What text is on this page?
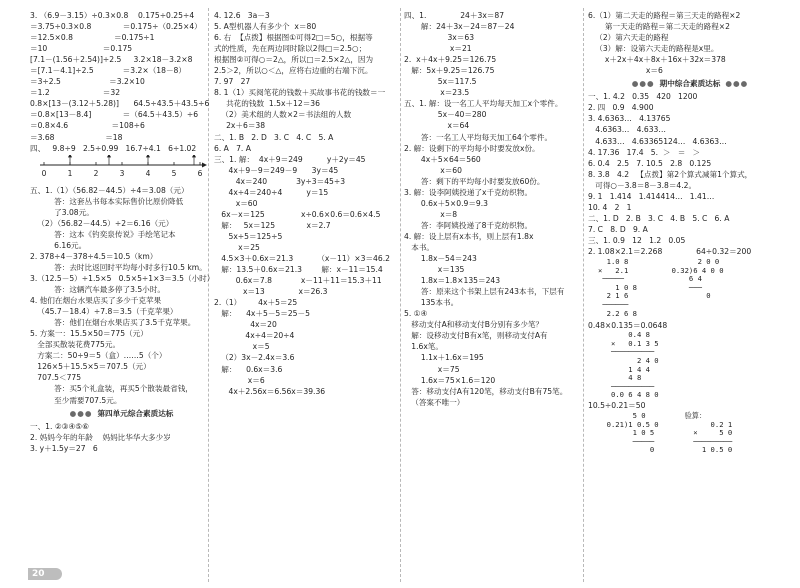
3. （6.9－3.15）÷0.3×0.8    0.175÷0.25÷4
＝3.75÷0.3×0.8             ＝0.175÷（0.25×4）
＝12.5×0.8                 ＝0.175÷1
＝10                       ＝0.175
[7.1－(1.56＋2.54)]÷2.5     3.2×18－3.2×8
＝[7.1－4.1]÷2.5            ＝3.2×（18－8）
＝3÷2.5                    ＝3.2×10
＝1.2                      ＝32
0.8×[13－(3.12＋5.28)]      64.5÷43.5＋43.5÷6
＝0.8×[13－8.4]             ＝（64.5＋43.5）÷6
＝0.8×4.6                  ＝108÷6
＝3.68                     ＝18
四、   9.8÷9   2.5÷0.99   16.7÷4.1   6÷1.02
0	1	2	3	4	5	6
五、1.（1）（56.82－44.5）÷4＝3.08（元）
答：这套丛书每本实际售价比原价降低
了3.08元。
（2）（56.82－44.5）÷2＝6.16（元）
答：这本《钓奕泉传说》手绘笔记本
6.16元。
2. 378÷4－378÷4.5＝10.5（km）
答：去时比返回时平均每小时多行10.5 km。
3.（12.5－5）÷1.5×5   0.5×5÷1×3＝3.5（小时）
答：这辆汽车最多停了3.5小时。
4. 他们在烟台水果店买了多少千克苹果
（45.7－18.4）÷7.8＝3.5（千克苹果）
答：他们在烟台水果店买了3.5千克苹果。
5. 方案一：15.5×50＝775（元）
全部买散装花费775元。
方案二：50÷9＝5（盒）……5（个）
126×5＋15.5×5＝707.5（元）
707.5＜775
答：买5个礼盒装，再买5个散装最省钱，
至少需要707.5元。
●●● 第四单元综合素质达标
一、1. ②③④⑤⑥
2. 妈妈今年的年龄    妈妈比华华大多少岁
3. y＋1.5y＝27   6
4. 12.6   3a－3
5. A型机器人有多少个  x＝80
6. 右  【点拨】根据图①可得2□＝5○，根据等
式的性质，先在两边同时除以2得□＝2.5○；
根据图②可得○＝2△，所以□＝2.5×2△，因为
2.5＞2，所以○＜△，应将右边重的右端下沉。
7. 97   27
8. 1（1）买阅笔花的钱数＋买故事书花的钱数＝一
共花的钱数  1.5x＋12＝36
（2）美术组的人数×2＝书法组的人数
2x＋6＝38
二、1. B   2. D   3. C   4. C   5. A
6. A   7. A
三、1. 解：  4x＋9＝249          y＋2y＝45
4x＋9－9＝249－9      3y＝45
4x＝240            3y÷3＝45÷3
4x÷4＝240÷4          y＝15
x＝60
6x－x＝125               x÷0.6×0.6＝0.6×4.5
解：   5x＝125             x＝2.7
5x÷5＝125÷5
x＝25
4.5×3＋0.6x＝21.3          （x－11）×3＝46.2
解：13.5＋0.6x＝21.3        解：x－11＝15.4
0.6x＝7.8            x－11＋11＝15.3＋11
x＝13              x＝26.3
2.（1）       4x＋5＝25
解：    4x＋5－5＝25－5
4x＝20
4x÷4＝20÷4
x＝5
（2）3x－2.4x＝3.6
解：    0.6x＝3.6
x＝6
4x＋2.56x＝6.56x＝39.36
四、1.              24＋3x＝87
解：24＋3x－24＝87－24
3x＝63
x＝21
2.  x＋4x＋9.25＝126.75
解：5x＋9.25＝126.75
5x＝117.5
x＝23.5
五、1. 解：设一名工人平均每天加工x个零件。
5x－40＝280
x＝64
答：一名工人平均每天加工64个零件。
2. 解：设剩下的平均每小时要发放x份。
4x＋5×64＝560
x＝60
答：剩下的平均每小时要发放60份。
3. 解：设李阿姨投递了x千克纺织物。
0.6x＋5×0.9＝9.3
x＝8
答：李阿姨投递了8千克纺织物。
4. 解：设上层有x本书，则上层有1.8x
本书。
1.8x－54＝243
x＝135
1.8x＝1.8×135＝243
答：原来这个书架上层有243本书，下层有
135本书。
5. ①④
移动支付A和移动支付B分别有多少笔？
解：设移动支付B有x笔，则移动支付A有
1.6x笔。
1.1x＋1.6x＝195
x＝75
1.6x＝75×1.6＝120
答：移动支付A有120笔，移动支付B有75笔。
（答案不唯一）
6.（1）第二天走的路程＝第三天走的路程×2
第一天走的路程＝第二天走的路程×2
（2）第六天走的路程
（3）解：设第六天走的路程是x里。
x＋2x＋4x＋8x＋16x＋32x＝378
x＝6
●●● 期中综合素质达标 ●●●
一、1. 4.2   0.35   420   1200
2. 四   0.9   4.900
3. 4.6363…   4.13765
4.6363…   4.633…
4.633…   4.63365124…   4.6363…
4. 17.36   17.4   5.  ＞   ＝   ＞
6. 0.4   2.5   7. 10.5   2.8   0.125
8. 3.8   4.2   【点拨】第2个算式减第1个算式，
可得○－3.8＝8－3.8＝4.2。
9. 1   1.414   1.414414…   1.41…
10. 4   2   1
二、1. D   2. B   3. C   4. B   5. C   6. A
7. C   8. D   9. A
三、1. 0.9   12   1.2   0.05
2. 1.08×2.1＝2.268              64÷0.32＝200
1.0 8
×   2.1
─────
1 0 8
2 1 6
──────
2.2 6 8
2 0 0
0.32)6 4 0 0
6 4
───
0
0.48×0.135＝0.0648
0.4 8
×   0.1 3 5
──────────
2 4 0
1 4 4
4 8
──────────
0.0 6 4 8 0
10.5÷0.21＝50
5 0
0.21)1 0.5 0
1 0 5
─────
0
验算：
0.2 1
×     5 0
─────────
1 0.5 0
20
